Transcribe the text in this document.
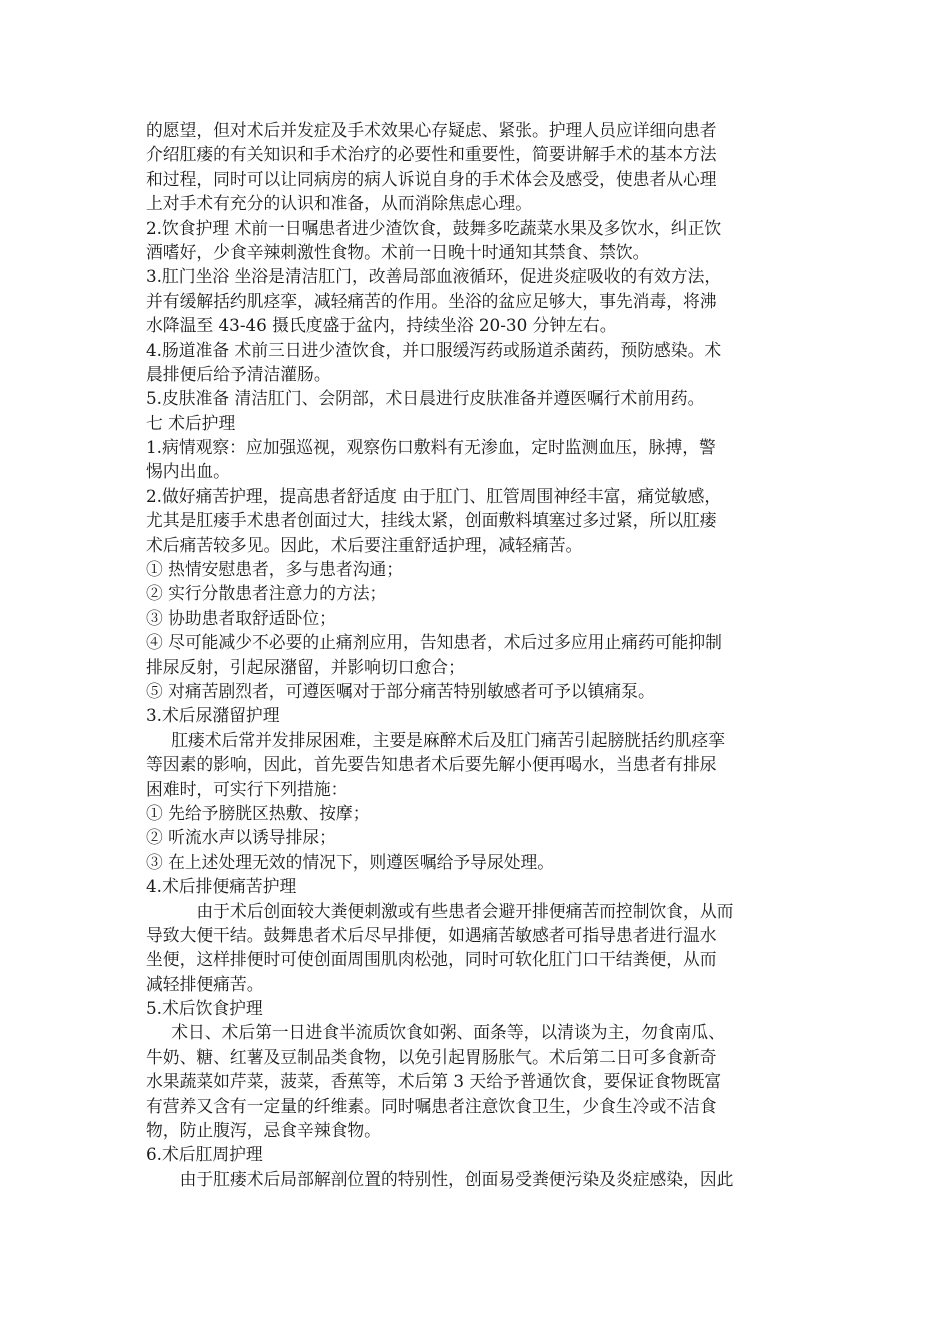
的愿望，但对术后并发症及手术效果心存疑虑、紧张。护理人员应详细向患者
介绍肛瘘的有关知识和手术治疗的必要性和重要性，简要讲解手术的基本方法
和过程，同时可以让同病房的病人诉说自身的手术体会及感受，使患者从心理
上对手术有充分的认识和准备，从而消除焦虑心理。
2.饮食护理 术前一日嘱患者进少渣饮食，鼓舞多吃蔬菜水果及多饮水，纠正饮
酒嗜好，少食辛辣刺激性食物。术前一日晚十时通知其禁食、禁饮。
3.肛门坐浴 坐浴是清洁肛门，改善局部血液循环，促进炎症吸收的有效方法，
并有缓解括约肌痉挛，减轻痛苦的作用。坐浴的盆应足够大，事先消毒，将沸
水降温至 43-46 摄氏度盛于盆内，持续坐浴 20-30 分钟左右。
4.肠道准备 术前三日进少渣饮食，并口服缓泻药或肠道杀菌药，预防感染。术
晨排便后给予清洁灌肠。
5.皮肤准备 清洁肛门、会阴部，术日晨进行皮肤准备并遵医嘱行术前用药。
七 术后护理
1.病情观察：应加强巡视，观察伤口敷料有无渗血，定时监测血压，脉搏，警
惕内出血。
2.做好痛苦护理，提高患者舒适度 由于肛门、肛管周围神经丰富，痛觉敏感，
尤其是肛瘘手术患者创面过大，挂线太紧，创面敷料填塞过多过紧，所以肛瘘
术后痛苦较多见。因此，术后要注重舒适护理，减轻痛苦。
① 热情安慰患者，多与患者沟通；
② 实行分散患者注意力的方法；
③ 协助患者取舒适卧位；
④ 尽可能减少不必要的止痛剂应用，告知患者，术后过多应用止痛药可能抑制
排尿反射，引起尿潴留，并影响切口愈合；
⑤ 对痛苦剧烈者，可遵医嘱对于部分痛苦特别敏感者可予以镇痛泵。
3.术后尿潴留护理
肛瘘术后常并发排尿困难，主要是麻醉术后及肛门痛苦引起膀胱括约肌痉挛
等因素的影响，因此，首先要告知患者术后要先解小便再喝水，当患者有排尿
困难时，可实行下列措施：
① 先给予膀胱区热敷、按摩；
② 听流水声以诱导排尿；
③ 在上述处理无效的情况下，则遵医嘱给予导尿处理。
4.术后排便痛苦护理
由于术后创面较大粪便刺激或有些患者会避开排便痛苦而控制饮食，从而
导致大便干结。鼓舞患者术后尽早排便，如遇痛苦敏感者可指导患者进行温水
坐便，这样排便时可使创面周围肌肉松弛，同时可软化肛门口干结粪便，从而
减轻排便痛苦。
5.术后饮食护理
术日、术后第一日进食半流质饮食如粥、面条等，以清谈为主，勿食南瓜、
牛奶、糖、红薯及豆制品类食物，以免引起胃肠胀气。术后第二日可多食新奇
水果蔬菜如芹菜，菠菜，香蕉等，术后第 3 天给予普通饮食，要保证食物既富
有营养又含有一定量的纤维素。同时嘱患者注意饮食卫生，少食生冷或不洁食
物，防止腹泻，忌食辛辣食物。
6.术后肛周护理
由于肛瘘术后局部解剖位置的特别性，创面易受粪便污染及炎症感染，因此
